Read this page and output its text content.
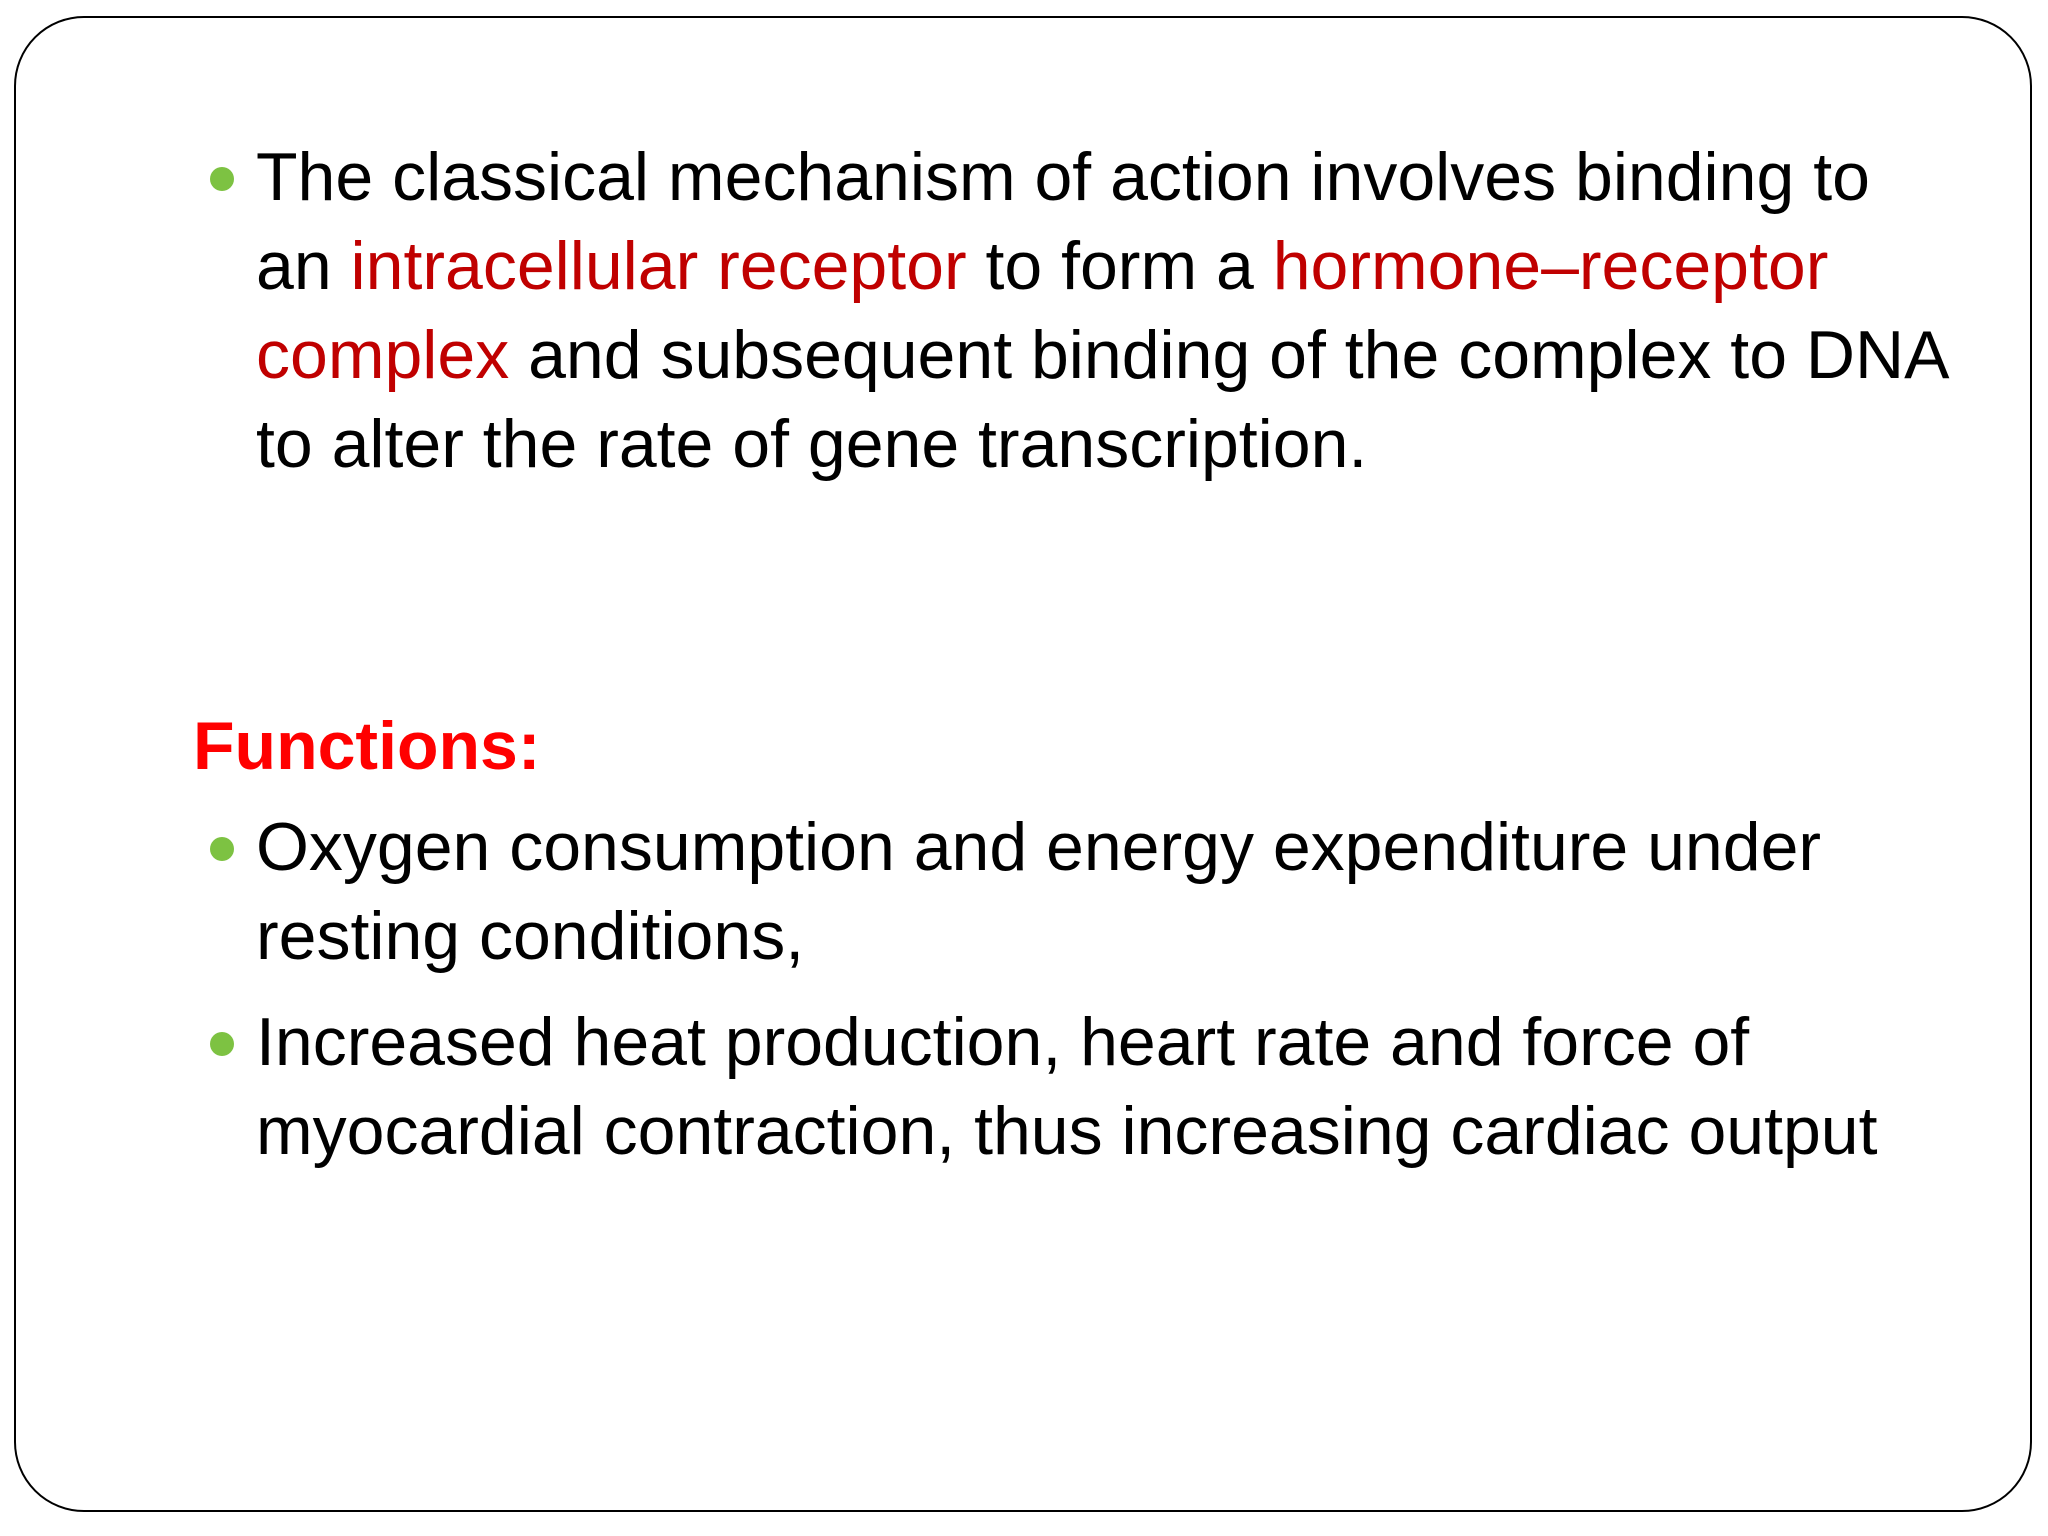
The classical mechanism of action involves binding to an intracellular receptor to form a hormone–receptor complex and subsequent binding of the complex to DNA to alter the rate of gene transcription.
Functions:
Oxygen consumption and energy expenditure under resting conditions,
Increased heat production, heart rate and force of myocardial contraction, thus increasing cardiac output
